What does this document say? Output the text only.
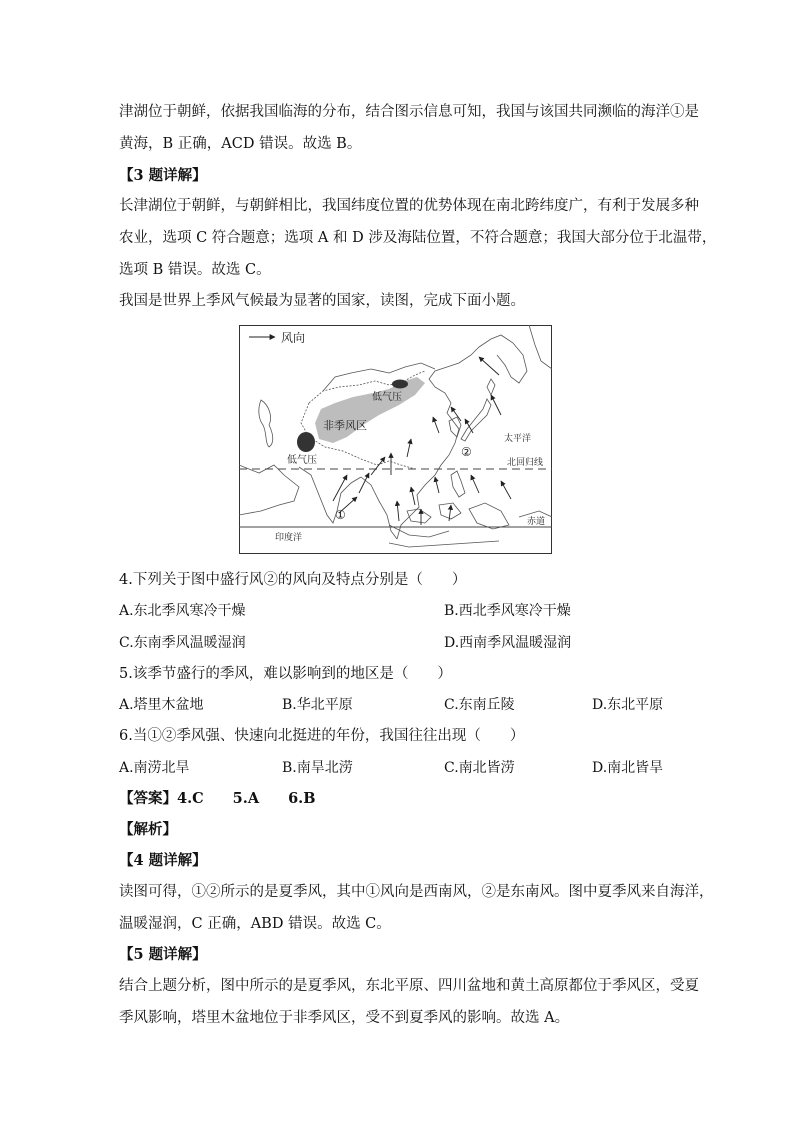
津湖位于朝鲜，依据我国临海的分布，结合图示信息可知，我国与该国共同濒临的海洋①是
黄海，B 正确，ACD 错误。故选 B。
【3 题详解】
长津湖位于朝鲜，与朝鲜相比，我国纬度位置的优势体现在南北跨纬度广，有利于发展多种
农业，选项 C 符合题意；选项 A 和 D 涉及海陆位置，不符合题意；我国大部分位于北温带，
选项 B 错误。故选 C。
我国是世界上季风气候最为显著的国家，读图，完成下面小题。
风向
低气压
非季风区
低气压
太平洋
北回归线
赤道
印度洋
①
②
4.下列关于图中盛行风②的风向及特点分别是（　　）
A.东北季风寒冷干燥	B.西北季风寒冷干燥
C.东南季风温暖湿润	D.西南季风温暖湿润
5.该季节盛行的季风，难以影响到的地区是（　　）
A.塔里木盆地	B.华北平原	C.东南丘陵	D.东北平原
6.当①②季风强、快速向北挺进的年份，我国往往出现（　　）
A.南涝北旱	B.南旱北涝	C.南北皆涝	D.南北皆旱
【答案】4.C　　5.A　　6.B
【解析】
【4 题详解】
读图可得，①②所示的是夏季风，其中①风向是西南风，②是东南风。图中夏季风来自海洋，
温暖湿润，C 正确，ABD 错误。故选 C。
【5 题详解】
结合上题分析，图中所示的是夏季风，东北平原、四川盆地和黄土高原都位于季风区，受夏
季风影响，塔里木盆地位于非季风区，受不到夏季风的影响。故选 A。
